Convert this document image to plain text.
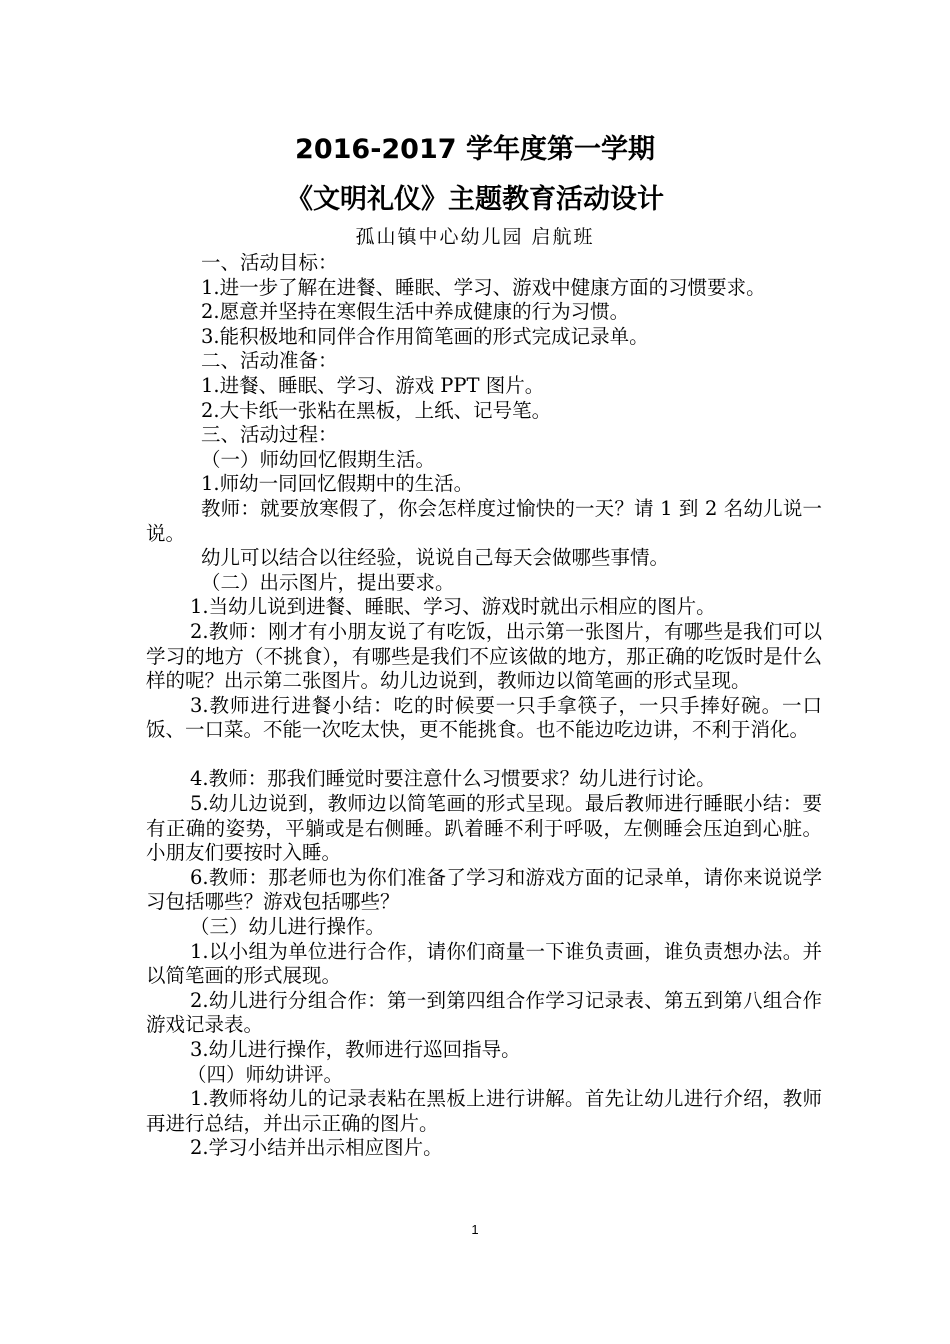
2016-2017 学年度第一学期
《文明礼仪》主题教育活动设计

孤山镇中心幼儿园 启航班

一、活动目标：

1.进一步了解在进餐、睡眠、学习、游戏中健康方面的习惯要求。

2.愿意并坚持在寒假生活中养成健康的行为习惯。

3.能积极地和同伴合作用简笔画的形式完成记录单。

二、活动准备：

1.进餐、睡眠、学习、游戏 PPT 图片。

2.大卡纸一张粘在黑板，上纸、记号笔。

三、活动过程：

（一）师幼回忆假期生活。

1.师幼一同回忆假期中的生活。

教师：就要放寒假了，你会怎样度过愉快的一天？请 1 到 2 名幼儿说一说。

幼儿可以结合以往经验，说说自己每天会做哪些事情。

（二）出示图片，提出要求。

1.当幼儿说到进餐、睡眠、学习、游戏时就出示相应的图片。

2.教师：刚才有小朋友说了有吃饭，出示第一张图片，有哪些是我们可以学习的地方（不挑食），有哪些是我们不应该做的地方，那正确的吃饭时是什么样的呢？出示第二张图片。幼儿边说到，教师边以简笔画的形式呈现。

3.教师进行进餐小结：吃的时候要一只手拿筷子，一只手捧好碗。一口饭、一口菜。不能一次吃太快，更不能挑食。也不能边吃边讲，不利于消化。

4.教师：那我们睡觉时要注意什么习惯要求？幼儿进行讨论。

5.幼儿边说到，教师边以简笔画的形式呈现。最后教师进行睡眠小结：要有正确的姿势，平躺或是右侧睡。趴着睡不利于呼吸，左侧睡会压迫到心脏。小朋友们要按时入睡。

6.教师：那老师也为你们准备了学习和游戏方面的记录单，请你来说说学习包括哪些？游戏包括哪些？

（三）幼儿进行操作。

1.以小组为单位进行合作，请你们商量一下谁负责画，谁负责想办法。并以简笔画的形式展现。

2.幼儿进行分组合作：第一到第四组合作学习记录表、第五到第八组合作游戏记录表。

3.幼儿进行操作，教师进行巡回指导。

（四）师幼讲评。

1.教师将幼儿的记录表粘在黑板上进行讲解。首先让幼儿进行介绍，教师再进行总结，并出示正确的图片。

2.学习小结并出示相应图片。

1
